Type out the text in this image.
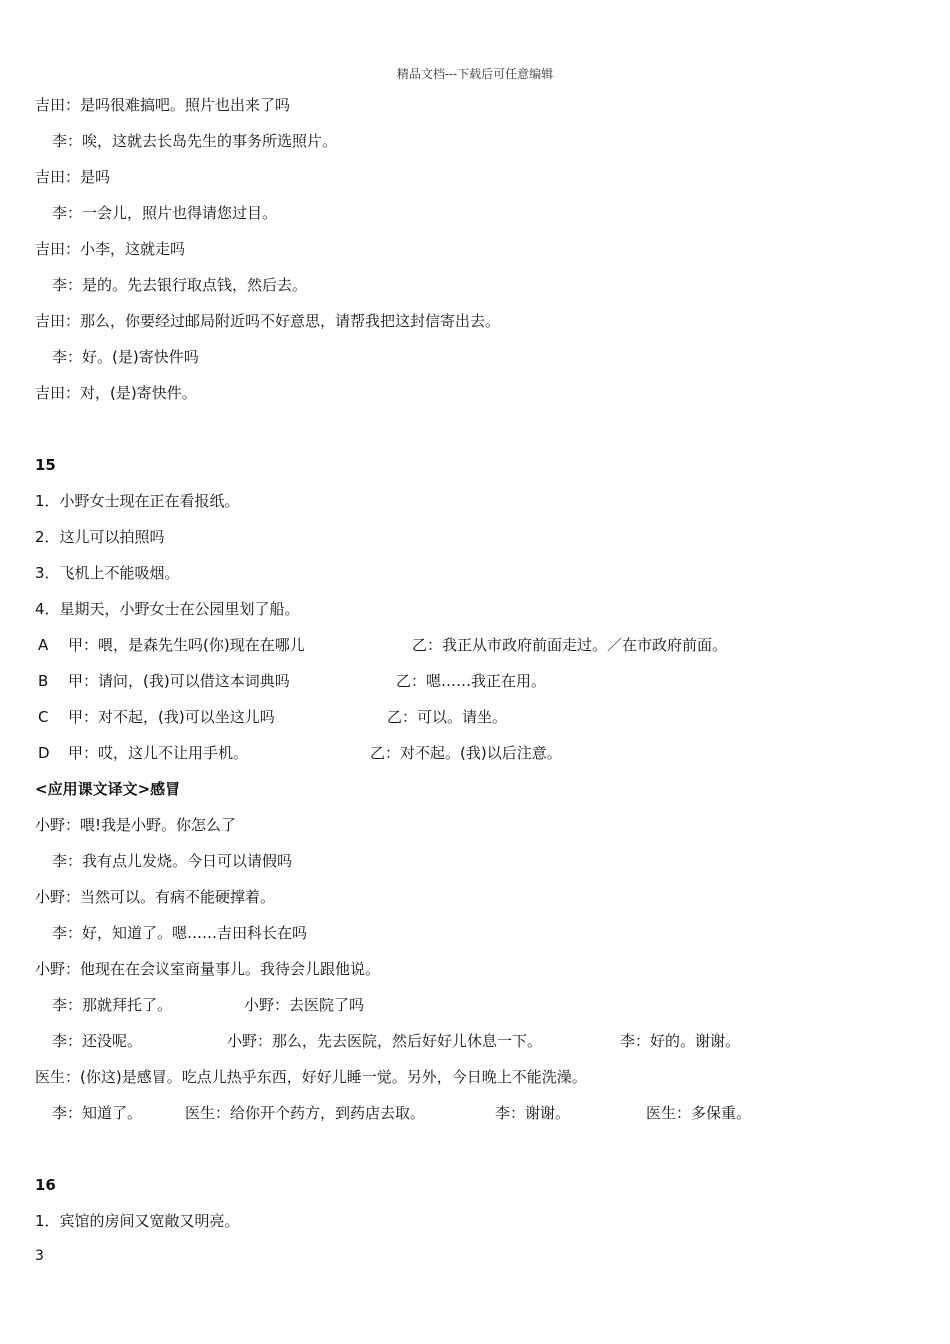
精品文档---下载后可任意编辑
吉田：是吗很难搞吧。照片也出来了吗
李：唉，这就去长岛先生的事务所选照片。
吉田：是吗
李：一会儿，照片也得请您过目。
吉田：小李，这就走吗
李：是的。先去银行取点钱，然后去。
吉田：那么，你要经过邮局附近吗不好意思，请帮我把这封信寄出去。
李：好。(是)寄快件吗
吉田：对，(是)寄快件。
15
1．小野女士现在正在看报纸。
2．这儿可以拍照吗
3．飞机上不能吸烟。
4．星期天，小野女士在公园里划了船。
A 甲：喂，是森先生吗(你)现在在哪儿	乙：我正从市政府前面走过。／在市政府前面。
B 甲：请问，(我)可以借这本词典吗	乙：嗯……我正在用。
C 甲：对不起，(我)可以坐这儿吗	乙：可以。请坐。
D 甲：哎，这儿不让用手机。	乙：对不起。(我)以后注意。
<应用课文译文>感冒
小野：喂!我是小野。你怎么了
李：我有点儿发烧。今日可以请假吗
小野：当然可以。有病不能硬撑着。
李：好，知道了。嗯……吉田科长在吗
小野：他现在在会议室商量事儿。我待会儿跟他说。
李：那就拜托了。	小野：去医院了吗
李：还没呢。	小野：那么，先去医院，然后好好儿休息一下。	李：好的。谢谢。
医生：(你这)是感冒。吃点儿热乎东西，好好儿睡一觉。另外，今日晚上不能洗澡。
李：知道了。	医生：给你开个药方，到药店去取。	李：谢谢。	医生：多保重。
16
1．宾馆的房间又宽敞又明亮。
3
